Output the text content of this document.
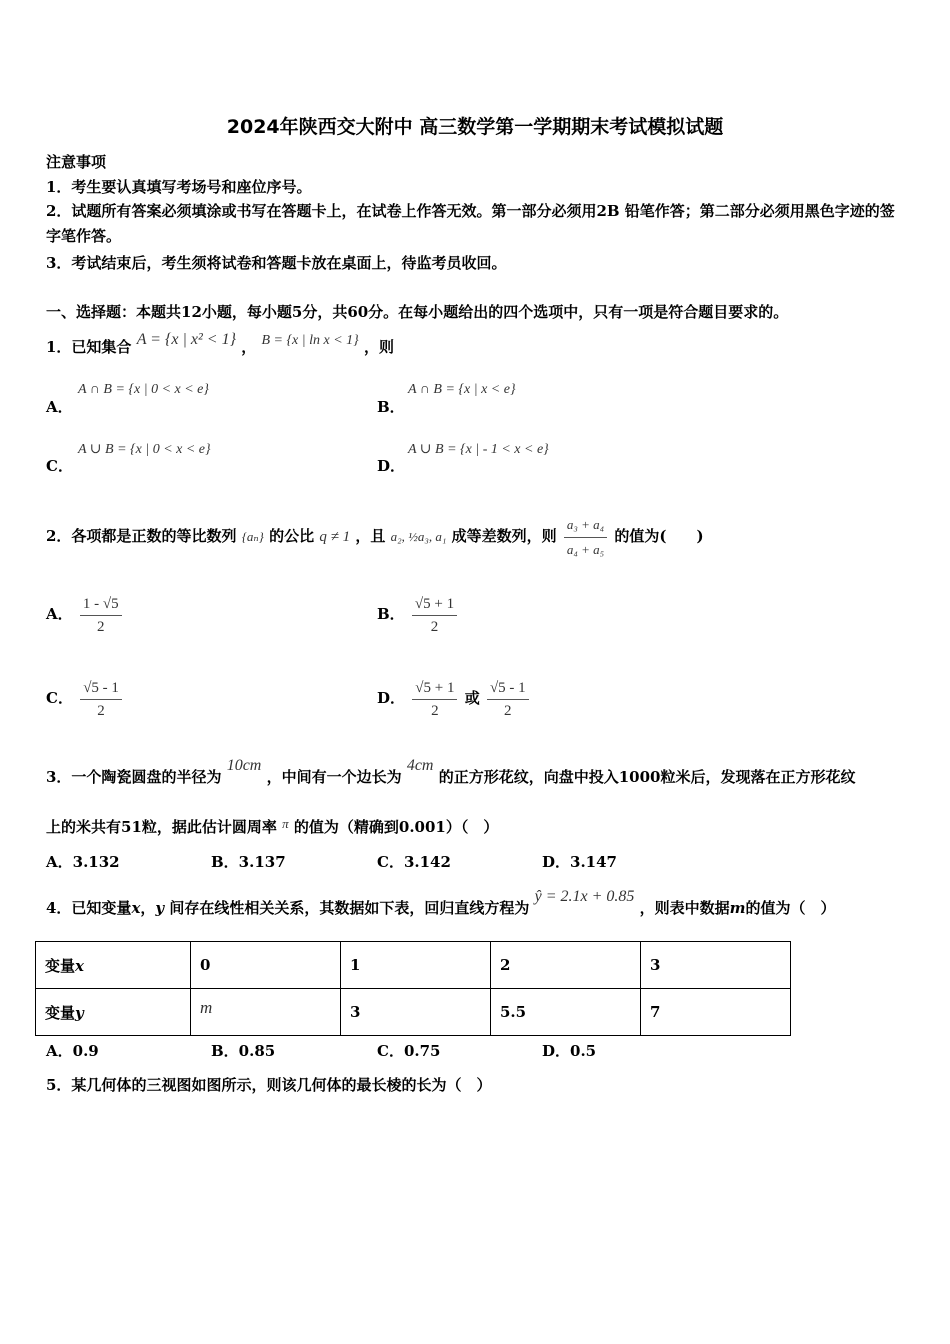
2024年陕西交大附中 高三数学第一学期期末考试模拟试题
注意事项
1．考生要认真填写考场号和座位序号。
2．试题所有答案必须填涂或书写在答题卡上，在试卷上作答无效。第一部分必须用2B 铅笔作答；第二部分必须用黑色字迹的签字笔作答。
3．考试结束后，考生须将试卷和答题卡放在桌面上，待监考员收回。
一、选择题：本题共12小题，每小题5分，共60分。在每小题给出的四个选项中，只有一项是符合题目要求的。
1．已知集合 A = {x | x² < 1} ， B = {x | ln x < 1} ，则
A．
A ∩ B = {x | 0 < x < e}
B．
A ∩ B = {x | x < e}
C．
A ∪ B = {x | 0 < x < e}
D．
A ∪ B = {x | - 1 < x < e}
2．各项都是正数的等比数列 {aₙ} 的公比 q ≠ 1 ，且 a₂, ½a₃, a₁ 成等差数列，则 $\frac{\text{a₃ + a₄}}{\text{a₄ + a₅}}$ 的值为(　　)
A． $\frac{1 - √5}{2}$	B． $\frac{√5 + 1}{2}$
C． $\frac{√5 - 1}{2}$	D． $\frac{√5 + 1}{2}$ 或 $\frac{√5 - 1}{2}$
3．一个陶瓷圆盘的半径为 10cm ，中间有一个边长为 4cm 的正方形花纹，向盘中投入1000粒米后，发现落在正方形花纹
上的米共有51粒，据此估计圆周率 π 的值为（精确到0.001）（　）
A．3.132	B．3.137	C．3.142	D．3.147
4．已知变量x，y 间存在线性相关关系，其数据如下表，回归直线方程为 ŷ = 2.1x + 0.85 ，则表中数据m的值为（　）
变量x	0	1	2	3
变量y	m	3	5.5	7
A．0.9	B．0.85	C．0.75	D．0.5
5．某几何体的三视图如图所示，则该几何体的最长棱的长为（　）
